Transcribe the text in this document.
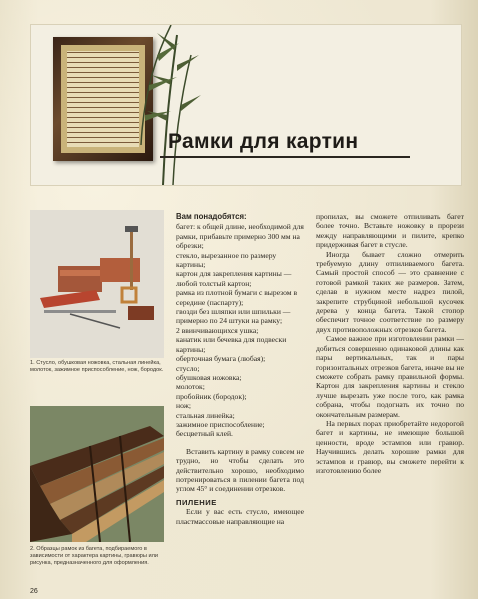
Рамки для картин
1. Стусло, обушковая ножовка, стальная линейка, молоток, зажимное приспособление, нож, бородок.
2. Образцы рамок из багета, подбираемого в зависимости от характера картины, гравюры или рисунка, предназначенного для оформления.
Вам понадобятся:

багет: к общей длине, необходимой для рамки, прибавьте примерно 300 мм на обрезки;

стекло, вырезанное по размеру картины;

картон для закрепления картины — любой толстый картон;

рамка из плотной бумаги с вырезом в середине (паспарту);

гвозди без шляпки или шпильки — примерно по 24 штуки на рамку;

2 ввинчивающихся ушка;

канатик или бечевка для подвески картины;

оберточная бумага (любая);

стусло;

обушковая ножовка;

молоток;

пробойник (бородок);

нож;

стальная линейка;

зажимное приспособление;

бесцветный клей.

Вставить картину в рамку совсем не трудно, но чтобы сделать это действительно хорошо, необходимо потренироваться в пилении багета под углом 45° и соединении отрезков.

ПИЛЕНИЕ

Если у вас есть стусло, имеющее пластмассовые направляющие на

пропилах, вы сможете отпиливать багет более точно. Вставьте ножовку в прорези между направляющими и пилите, крепко придерживая багет в стусле.

Иногда бывает сложно отмерить требуемую длину отпиливаемого багета. Самый простой способ — это сравнение с готовой рамкой таких же размеров. Затем, сделав в нужном месте надрез пилой, закрепите струбциной небольшой кусочек дерева у конца багета. Такой стопор обеспечит точное соответствие по размеру двух противоположных отрезков багета.

Самое важное при изготовлении рамки — добиться совершенно одинаковой длины как пары вертикальных, так и пары горизонтальных отрезков багета, иначе вы не сможете собрать рамку правильной формы. Картон для закрепления картины и стекло лучше вырезать уже после того, как рамка собрана, чтобы подогнать их точно по окончательным размерам.

На первых порах приобретайте недорогой багет и картины, не имеющие большой ценности, вроде эстампов или гравюр. Научившись делать хорошие рамки для эстампов и гравюр, вы сможете перейти к изготовлению более

26
